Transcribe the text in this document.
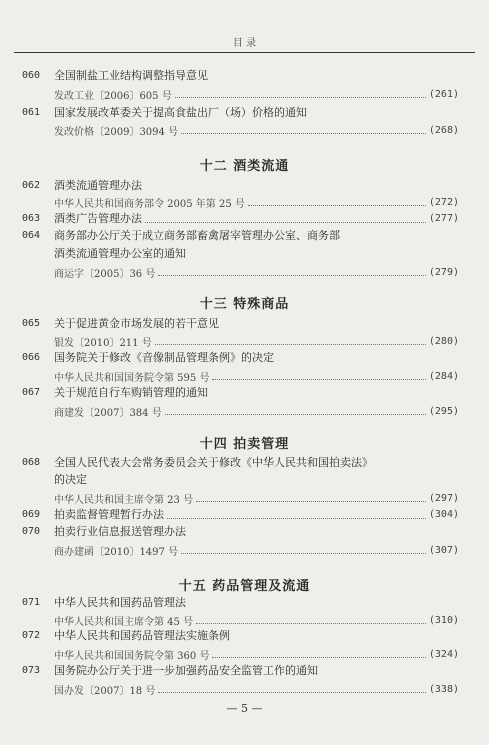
目 录
060	全国制盐工业结构调整指导意见
发改工业〔2006〕605 号	(261)
061	国家发展改革委关于提高食盐出厂（场）价格的通知
发改价格〔2009〕3094 号	(268)
十二 酒类流通
062	酒类流通管理办法
中华人民共和国商务部令 2005 年第 25 号	(272)
063	酒类广告管理办法	(277)
064	商务部办公厅关于成立商务部畜禽屠宰管理办公室、商务部
酒类流通管理办公室的通知
商运字〔2005〕36 号	(279)
十三 特殊商品
065	关于促进黄金市场发展的若干意见
银发〔2010〕211 号	(280)
066	国务院关于修改《音像制品管理条例》的决定
中华人民共和国国务院令第 595 号	(284)
067	关于规范自行车购销管理的通知
商建发〔2007〕384 号	(295)
十四 拍卖管理
068	全国人民代表大会常务委员会关于修改《中华人民共和国拍卖法》
的决定
中华人民共和国主席令第 23 号	(297)
069	拍卖监督管理暂行办法	(304)
070	拍卖行业信息报送管理办法
商办建函〔2010〕1497 号	(307)
十五 药品管理及流通
071	中华人民共和国药品管理法
中华人民共和国主席令第 45 号	(310)
072	中华人民共和国药品管理法实施条例
中华人民共和国国务院令第 360 号	(324)
073	国务院办公厅关于进一步加强药品安全监管工作的通知
国办发〔2007〕18 号	(338)
— 5 —
